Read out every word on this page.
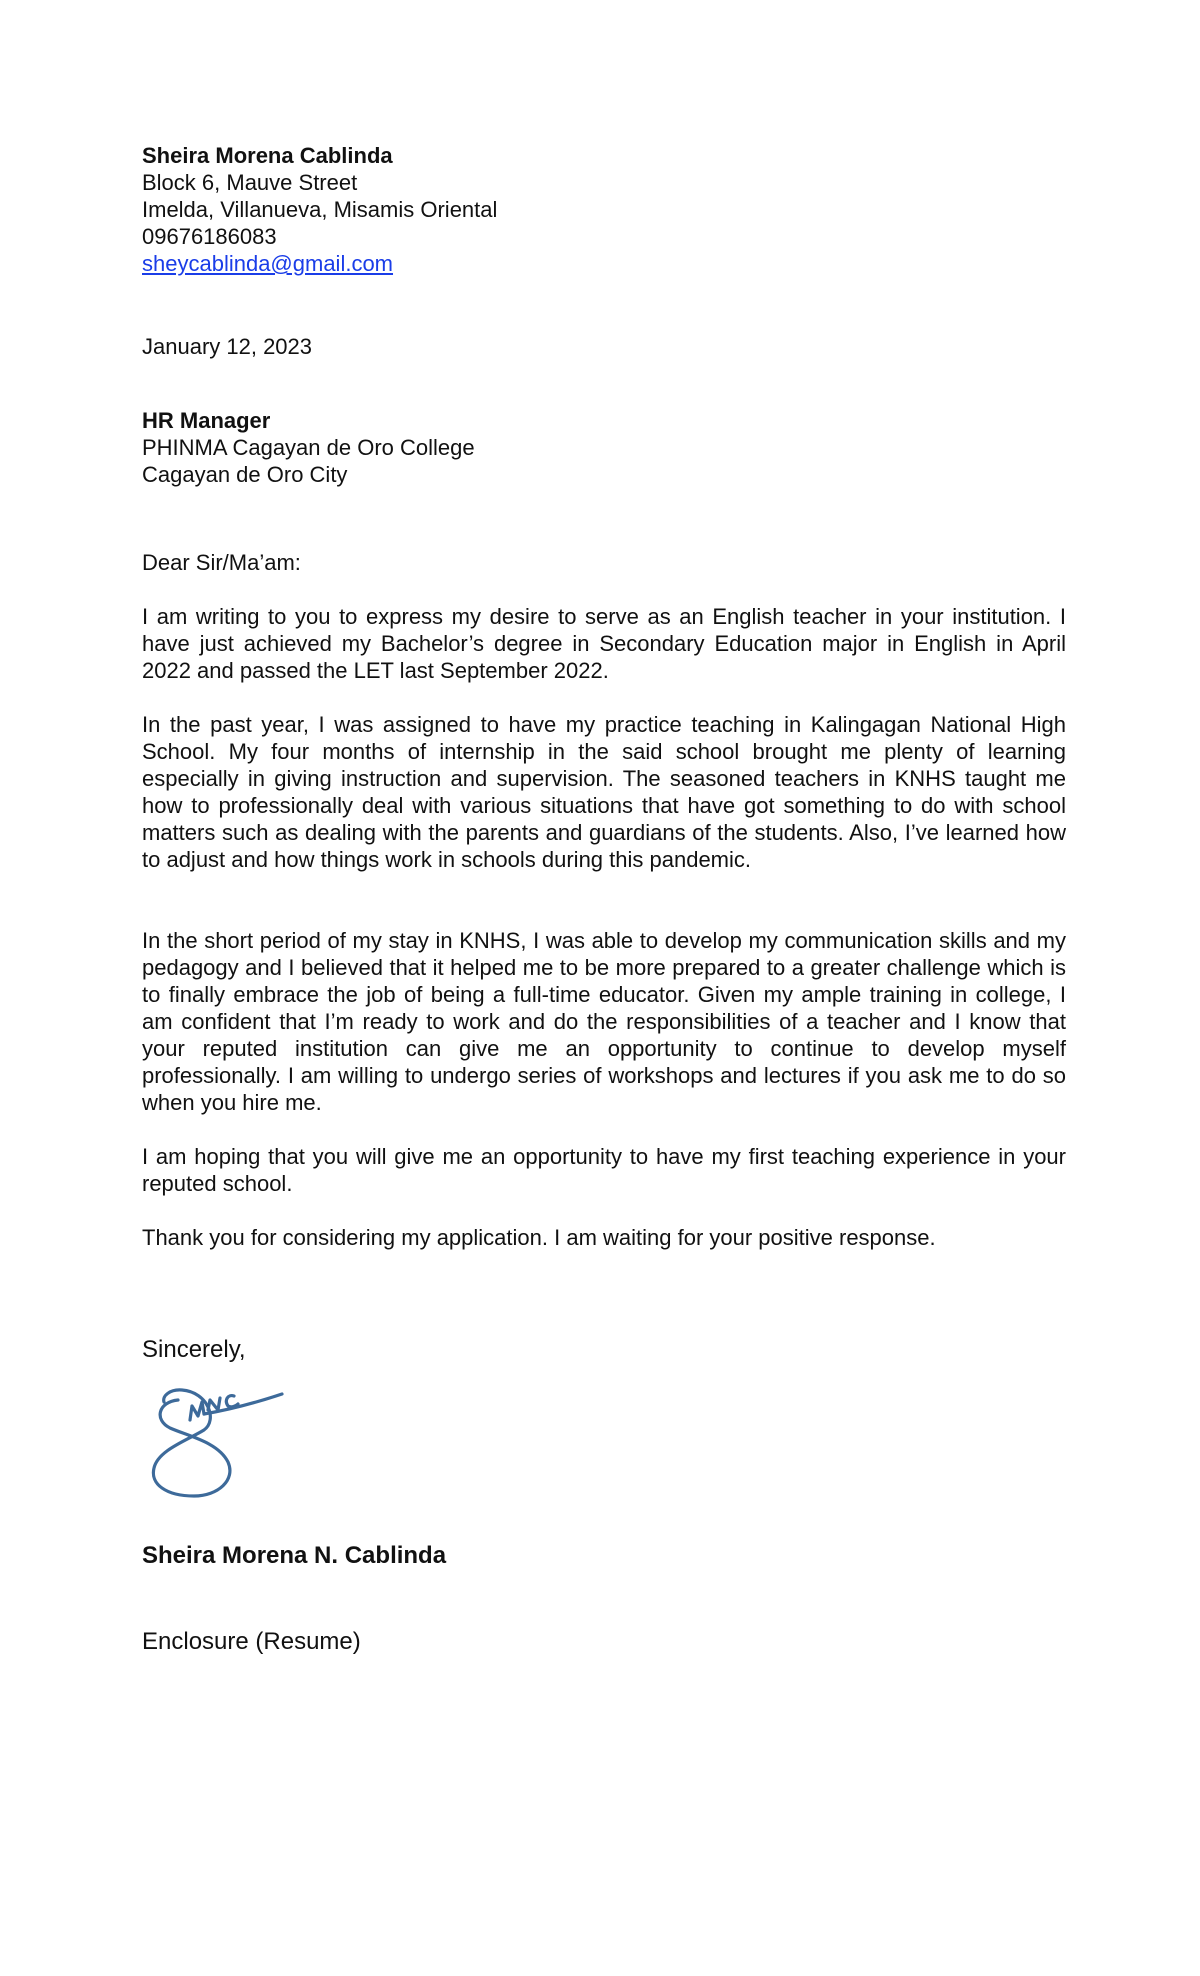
Sheira Morena Cablinda

Block 6, Mauve Street

Imelda, Villanueva, Misamis Oriental

09676186083

sheycablinda@gmail.com

January 12, 2023

HR Manager

PHINMA Cagayan de Oro College

Cagayan de Oro City

Dear Sir/Ma’am:

I am writing to you to express my desire to serve as an English teacher in your institution. I have just achieved my Bachelor’s degree in Secondary Education major in English in April 2022 and passed the LET last September 2022.

In the past year, I was assigned to have my practice teaching in Kalingagan National High School. My four months of internship in the said school brought me plenty of learning especially in giving instruction and supervision. The seasoned teachers in KNHS taught me how to professionally deal with various situations that have got something to do with school matters such as dealing with the parents and guardians of the students. Also, I’ve learned how to adjust and how things work in schools during this pandemic.

In the short period of my stay in KNHS, I was able to develop my communication skills and my pedagogy and I believed that it helped me to be more prepared to a greater challenge which is to finally embrace the job of being a full-time educator. Given my ample training in college, I am confident that I’m ready to work and do the responsibilities of a teacher and I know that your reputed institution can give me an opportunity to continue to develop myself professionally. I am willing to undergo series of workshops and lectures if you ask me to do so when you hire me.

I am hoping that you will give me an opportunity to have my first teaching experience in your reputed school.

Thank you for considering my application. I am waiting for your positive response.

Sincerely,

Sheira Morena N. Cablinda

Enclosure (Resume)
